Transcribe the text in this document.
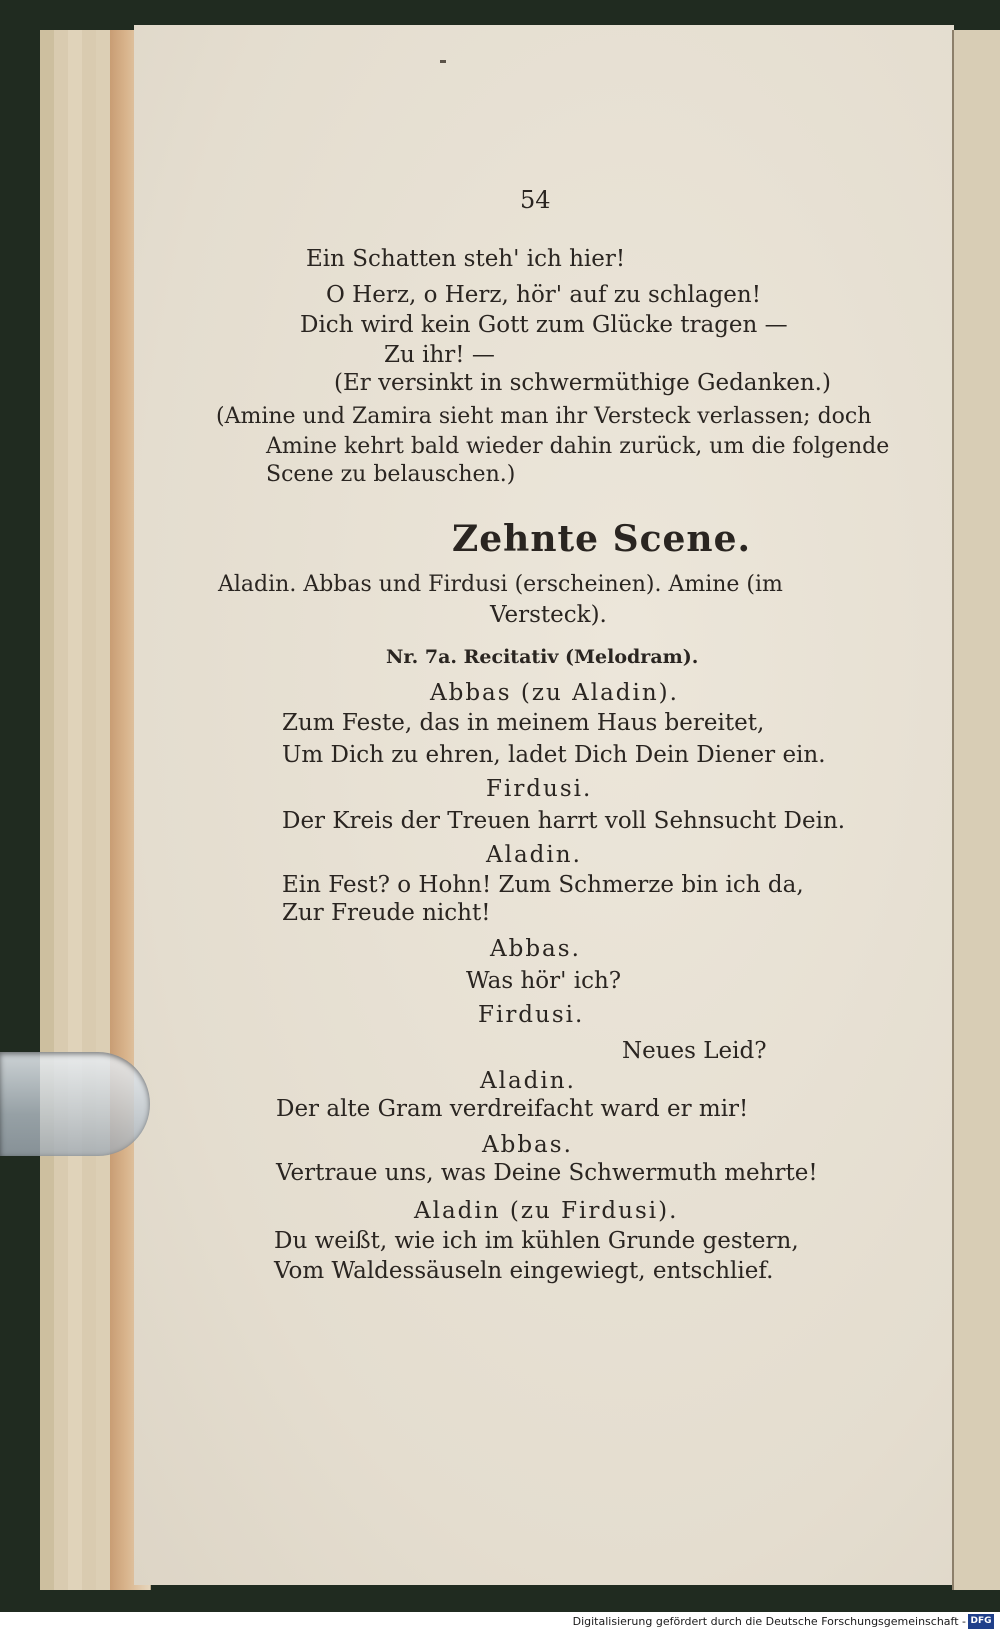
54
Ein Schatten steh' ich hier!
O Herz, o Herz, hör' auf zu schlagen!
Dich wird kein Gott zum Glücke tragen —
Zu ihr! —
(Er versinkt in schwermüthige Gedanken.)
(Amine und Zamira sieht man ihr Versteck verlassen; doch
Amine kehrt bald wieder dahin zurück, um die folgende
Scene zu belauschen.)
Zehnte Scene.
Aladin. Abbas und Firdusi (erscheinen). Amine (im
Versteck).
Nr. 7a. Recitativ (Melodram).
Abbas (zu Aladin).
Zum Feste, das in meinem Haus bereitet,
Um Dich zu ehren, ladet Dich Dein Diener ein.
Firdusi.
Der Kreis der Treuen harrt voll Sehnsucht Dein.
Aladin.
Ein Fest? o Hohn! Zum Schmerze bin ich da,
Zur Freude nicht!
Abbas.
Was hör' ich?
Firdusi.
Neues Leid?
Aladin.
Der alte Gram verdreifacht ward er mir!
Abbas.
Vertraue uns, was Deine Schwermuth mehrte!
Aladin (zu Firdusi).
Du weißt, wie ich im kühlen Grunde gestern,
Vom Waldessäuseln eingewiegt, entschlief.
Digitalisierung gefördert durch die Deutsche Forschungsgemeinschaft - DFG
